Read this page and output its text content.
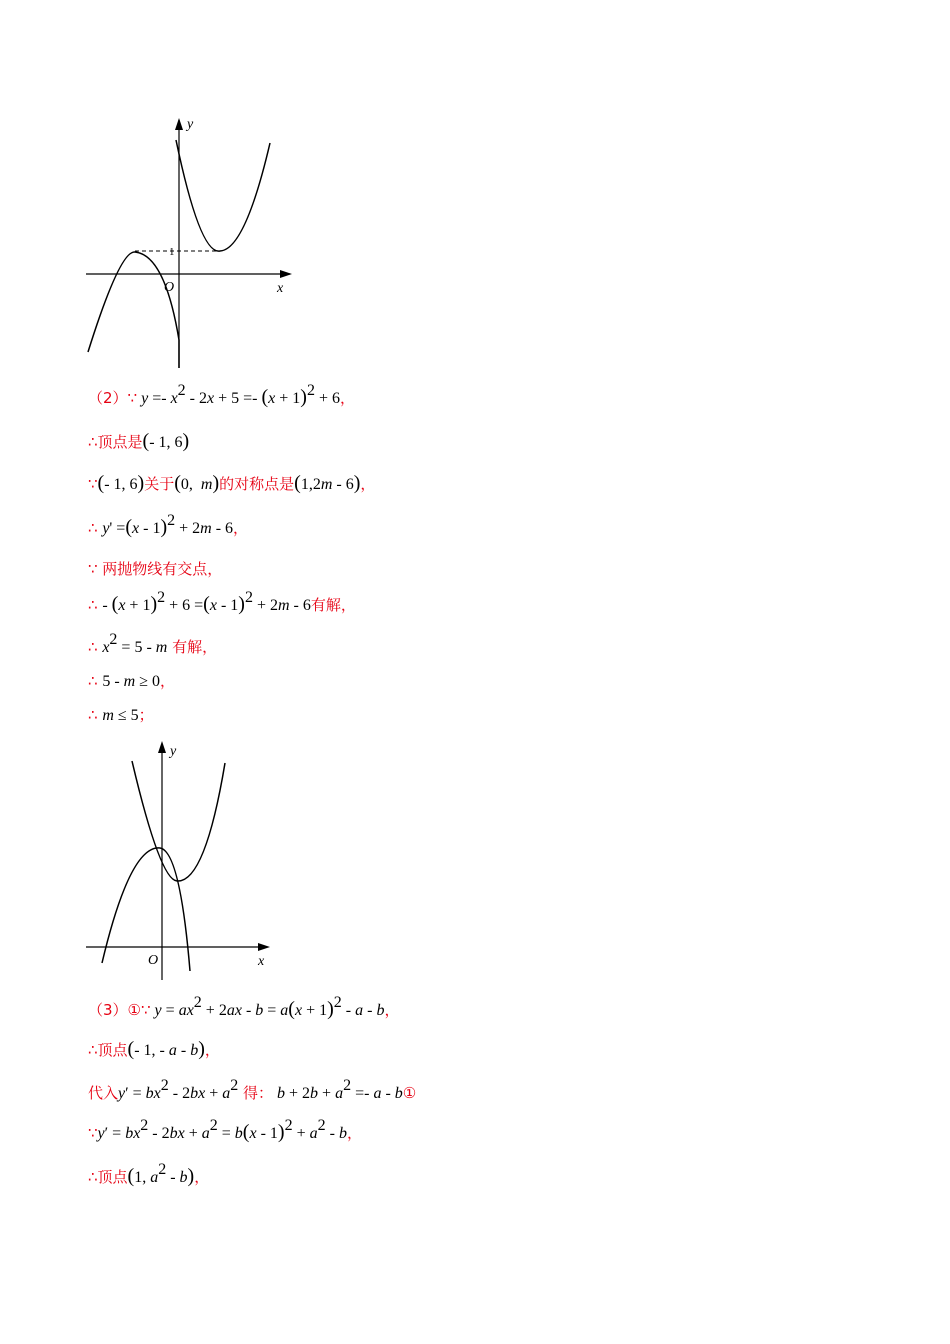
y
x
O
1
（2）∵ $y =- x^2 - 2x + 5 =- (x + 1)^2 + 6$，
∴顶点是(- 1, 6)
∵(- 1, 6)关于(0,  m)的对称点是(1,2m - 6)，
∴ y' =(x - 1)$^2$ + 2m - 6，
∵ 两抛物线有交点，
∴ - $(x + 1)^2 + 6 =(x - 1)^2 + 2m - 6$有解，
∴ $x^2 = 5 - m$ 有解，
∴ 5 - m ≥ 0，
∴ m ≤ 5；
y
x
O
（3）①∵ $y = ax^2 + 2ax - b = a(x + 1)^2 - a - b$，
∴顶点(- 1, - a - b)，
代入$y' = bx^2 - 2bx + a^2$ 得： $b + 2b + a^2 =- a$ - b①
∵y′ = $bx^2 - 2bx + a^2 = b(x - 1)^2 + a^2 - b$，
∴顶点(1, $a^2 - b$)，
